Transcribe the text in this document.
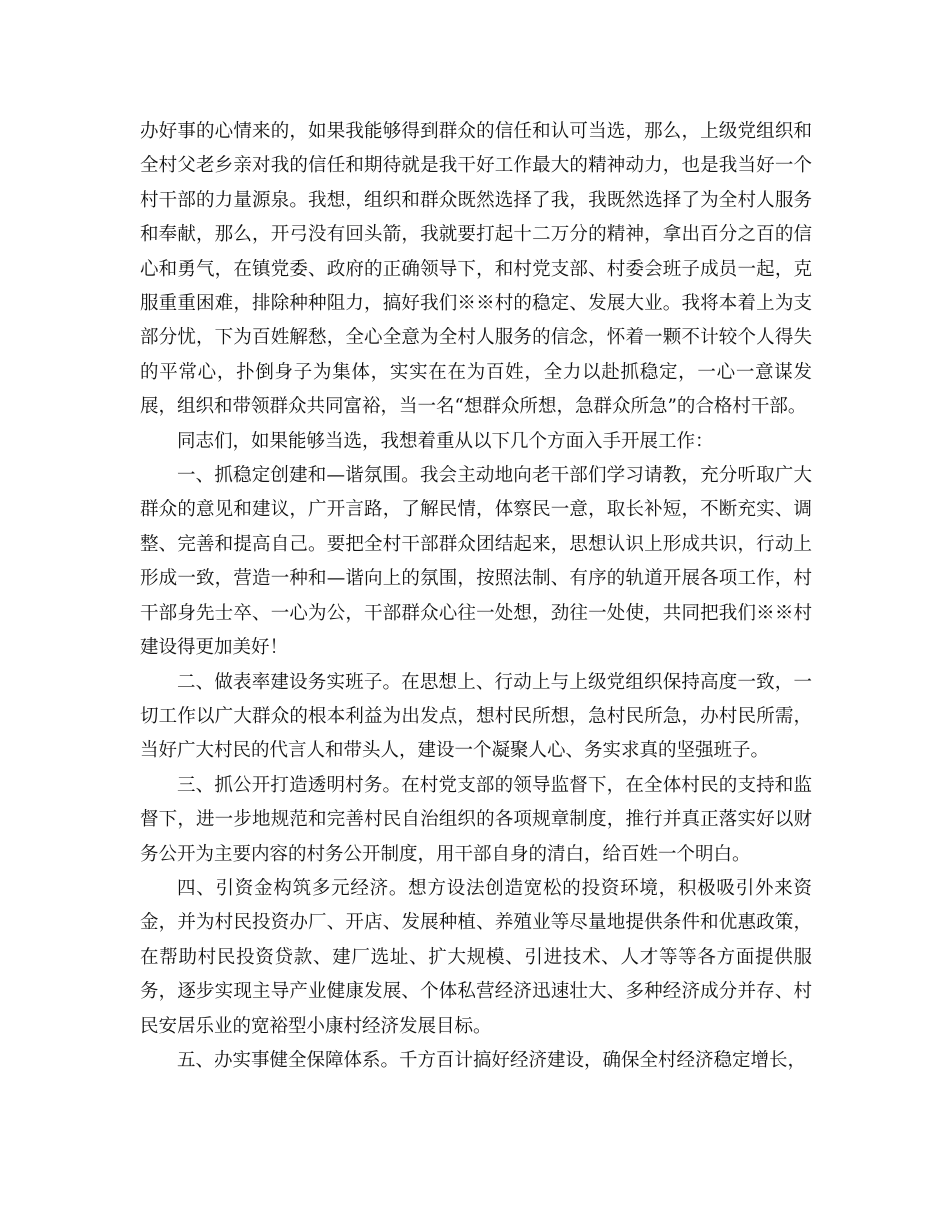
办好事的心情来的，如果我能够得到群众的信任和认可当选，那么，上级党组织和全村父老乡亲对我的信任和期待就是我干好工作最大的精神动力，也是我当好一个村干部的力量源泉。我想，组织和群众既然选择了我，我既然选择了为全村人服务和奉献，那么，开弓没有回头箭，我就要打起十二万分的精神，拿出百分之百的信心和勇气，在镇党委、政府的正确领导下，和村党支部、村委会班子成员一起，克服重重困难，排除种种阻力，搞好我们※※村的稳定、发展大业。我将本着上为支部分忧，下为百姓解愁，全心全意为全村人服务的信念，怀着一颗不计较个人得失的平常心，扑倒身子为集体，实实在在为百姓，全力以赴抓稳定，一心一意谋发展，组织和带领群众共同富裕，当一名“想群众所想，急群众所急”的合格村干部。

同志们，如果能够当选，我想着重从以下几个方面入手开展工作：

一、抓稳定创建和—谐氛围。我会主动地向老干部们学习请教，充分听取广大群众的意见和建议，广开言路，了解民情，体察民一意，取长补短，不断充实、调整、完善和提高自己。要把全村干部群众团结起来，思想认识上形成共识，行动上形成一致，营造一种和—谐向上的氛围，按照法制、有序的轨道开展各项工作，村干部身先士卒、一心为公，干部群众心往一处想，劲往一处使，共同把我们※※村建设得更加美好！

二、做表率建设务实班子。在思想上、行动上与上级党组织保持高度一致，一切工作以广大群众的根本利益为出发点，想村民所想，急村民所急，办村民所需，当好广大村民的代言人和带头人，建设一个凝聚人心、务实求真的坚强班子。

三、抓公开打造透明村务。在村党支部的领导监督下，在全体村民的支持和监督下，进一步地规范和完善村民自治组织的各项规章制度，推行并真正落实好以财务公开为主要内容的村务公开制度，用干部自身的清白，给百姓一个明白。

四、引资金构筑多元经济。想方设法创造宽松的投资环境，积极吸引外来资金，并为村民投资办厂、开店、发展种植、养殖业等尽量地提供条件和优惠政策，在帮助村民投资贷款、建厂选址、扩大规模、引进技术、人才等等各方面提供服务，逐步实现主导产业健康发展、个体私营经济迅速壮大、多种经济成分并存、村民安居乐业的宽裕型小康村经济发展目标。

五、办实事健全保障体系。千方百计搞好经济建设，确保全村经济稳定增长，
